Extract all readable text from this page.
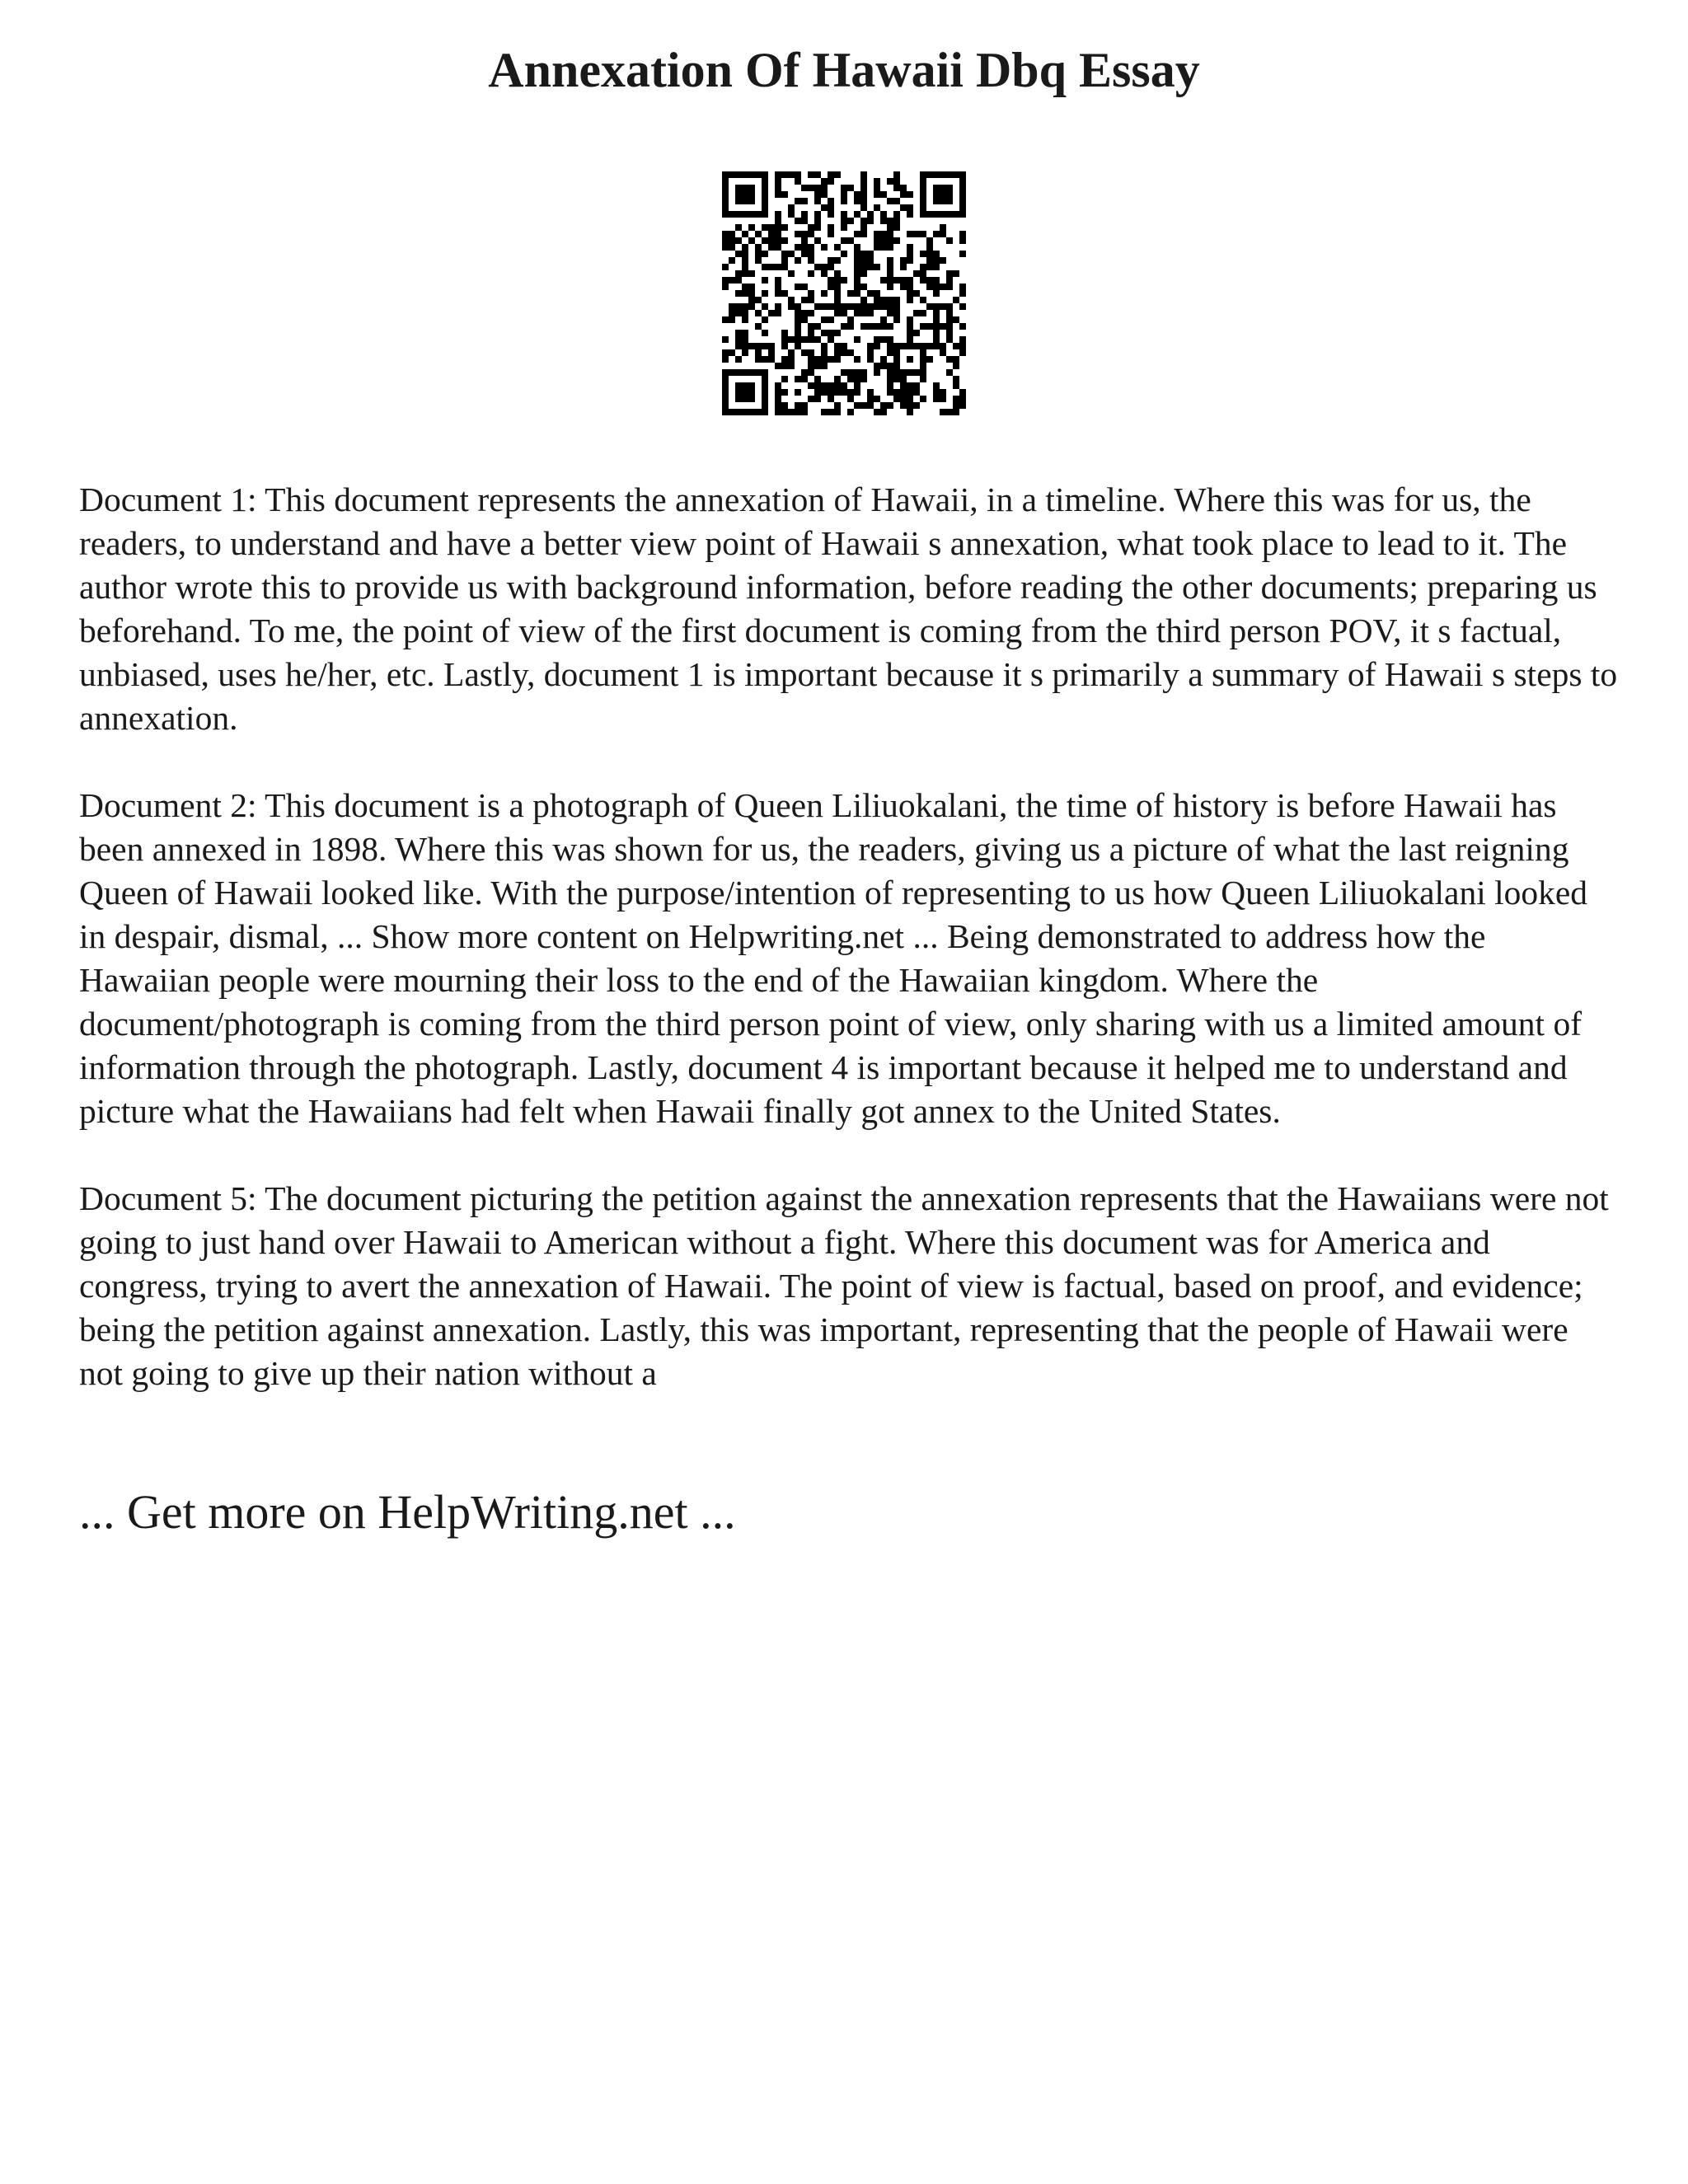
Annexation Of Hawaii Dbq Essay

Document 1: This document represents the annexation of Hawaii, in a timeline. Where this was for us, the readers, to understand and have a better view point of Hawaii s annexation, what took place to lead to it. The author wrote this to provide us with background information, before reading the other documents; preparing us beforehand. To me, the point of view of the first document is coming from the third person POV, it s factual, unbiased, uses he/her, etc. Lastly, document 1 is important because it s primarily a summary of Hawaii s steps to annexation.

Document 2: This document is a photograph of Queen Liliuokalani, the time of history is before Hawaii has been annexed in 1898. Where this was shown for us, the readers, giving us a picture of what the last reigning Queen of Hawaii looked like. With the purpose/intention of representing to us how Queen Liliuokalani looked in despair, dismal, ... Show more content on Helpwriting.net ... Being demonstrated to address how the Hawaiian people were mourning their loss to the end of the Hawaiian kingdom. Where the document/photograph is coming from the third person point of view, only sharing with us a limited amount of information through the photograph. Lastly, document 4 is important because it helped me to understand and picture what the Hawaiians had felt when Hawaii finally got annex to the United States.

Document 5: The document picturing the petition against the annexation represents that the Hawaiians were not going to just hand over Hawaii to American without a fight. Where this document was for America and congress, trying to avert the annexation of Hawaii. The point of view is factual, based on proof, and evidence; being the petition against annexation. Lastly, this was important, representing that the people of Hawaii were not going to give up their nation without a

... Get more on HelpWriting.net ...
